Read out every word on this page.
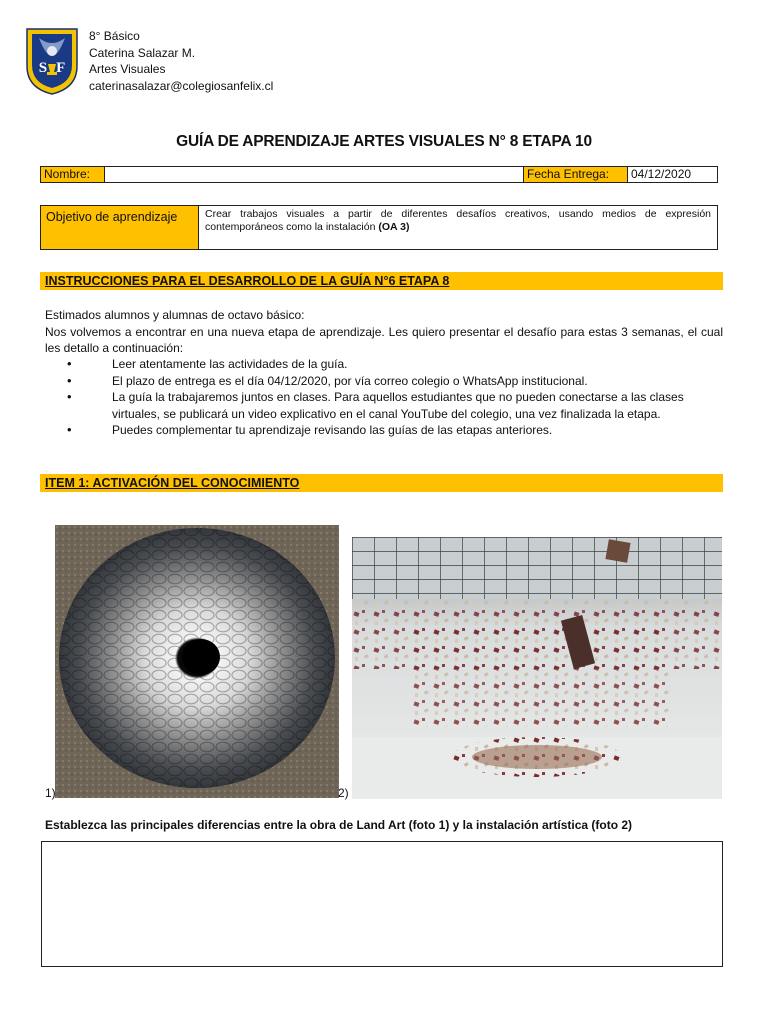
SF
8° Básico
Caterina Salazar M.
Artes Visuales
caterinasalazar@colegiosanfelix.cl
GUÍA DE APRENDIZAJE ARTES VISUALES N° 8 ETAPA 10
Nombre:	Fecha Entrega:	04/12/2020
Objetivo de aprendizaje	Crear trabajos visuales a partir de diferentes desafíos creativos, usando medios de expresión contemporáneos como la instalación (OA 3)
INSTRUCCIONES PARA EL DESARROLLO DE LA GUÍA N°6 ETAPA 8
Estimados alumnos y alumnas de octavo básico:
Nos volvemos a encontrar en una nueva etapa de aprendizaje. Les quiero presentar el desafío para estas 3 semanas, el cual les detallo a continuación:
• Leer atentamente las actividades de la guía.
• El plazo de entrega es el día 04/12/2020, por vía correo colegio o WhatsApp institucional.
• La guía la trabajaremos juntos en clases. Para aquellos estudiantes que no pueden conectarse a las clases virtuales, se publicará un video explicativo en el canal YouTube del colegio, una vez finalizada la etapa.
• Puedes complementar tu aprendizaje revisando las guías de las etapas anteriores.
ITEM 1: ACTIVACIÓN DEL CONOCIMIENTO
1)	2)
Establezca las principales diferencias entre la obra de Land Art (foto 1) y la instalación artística (foto 2)
